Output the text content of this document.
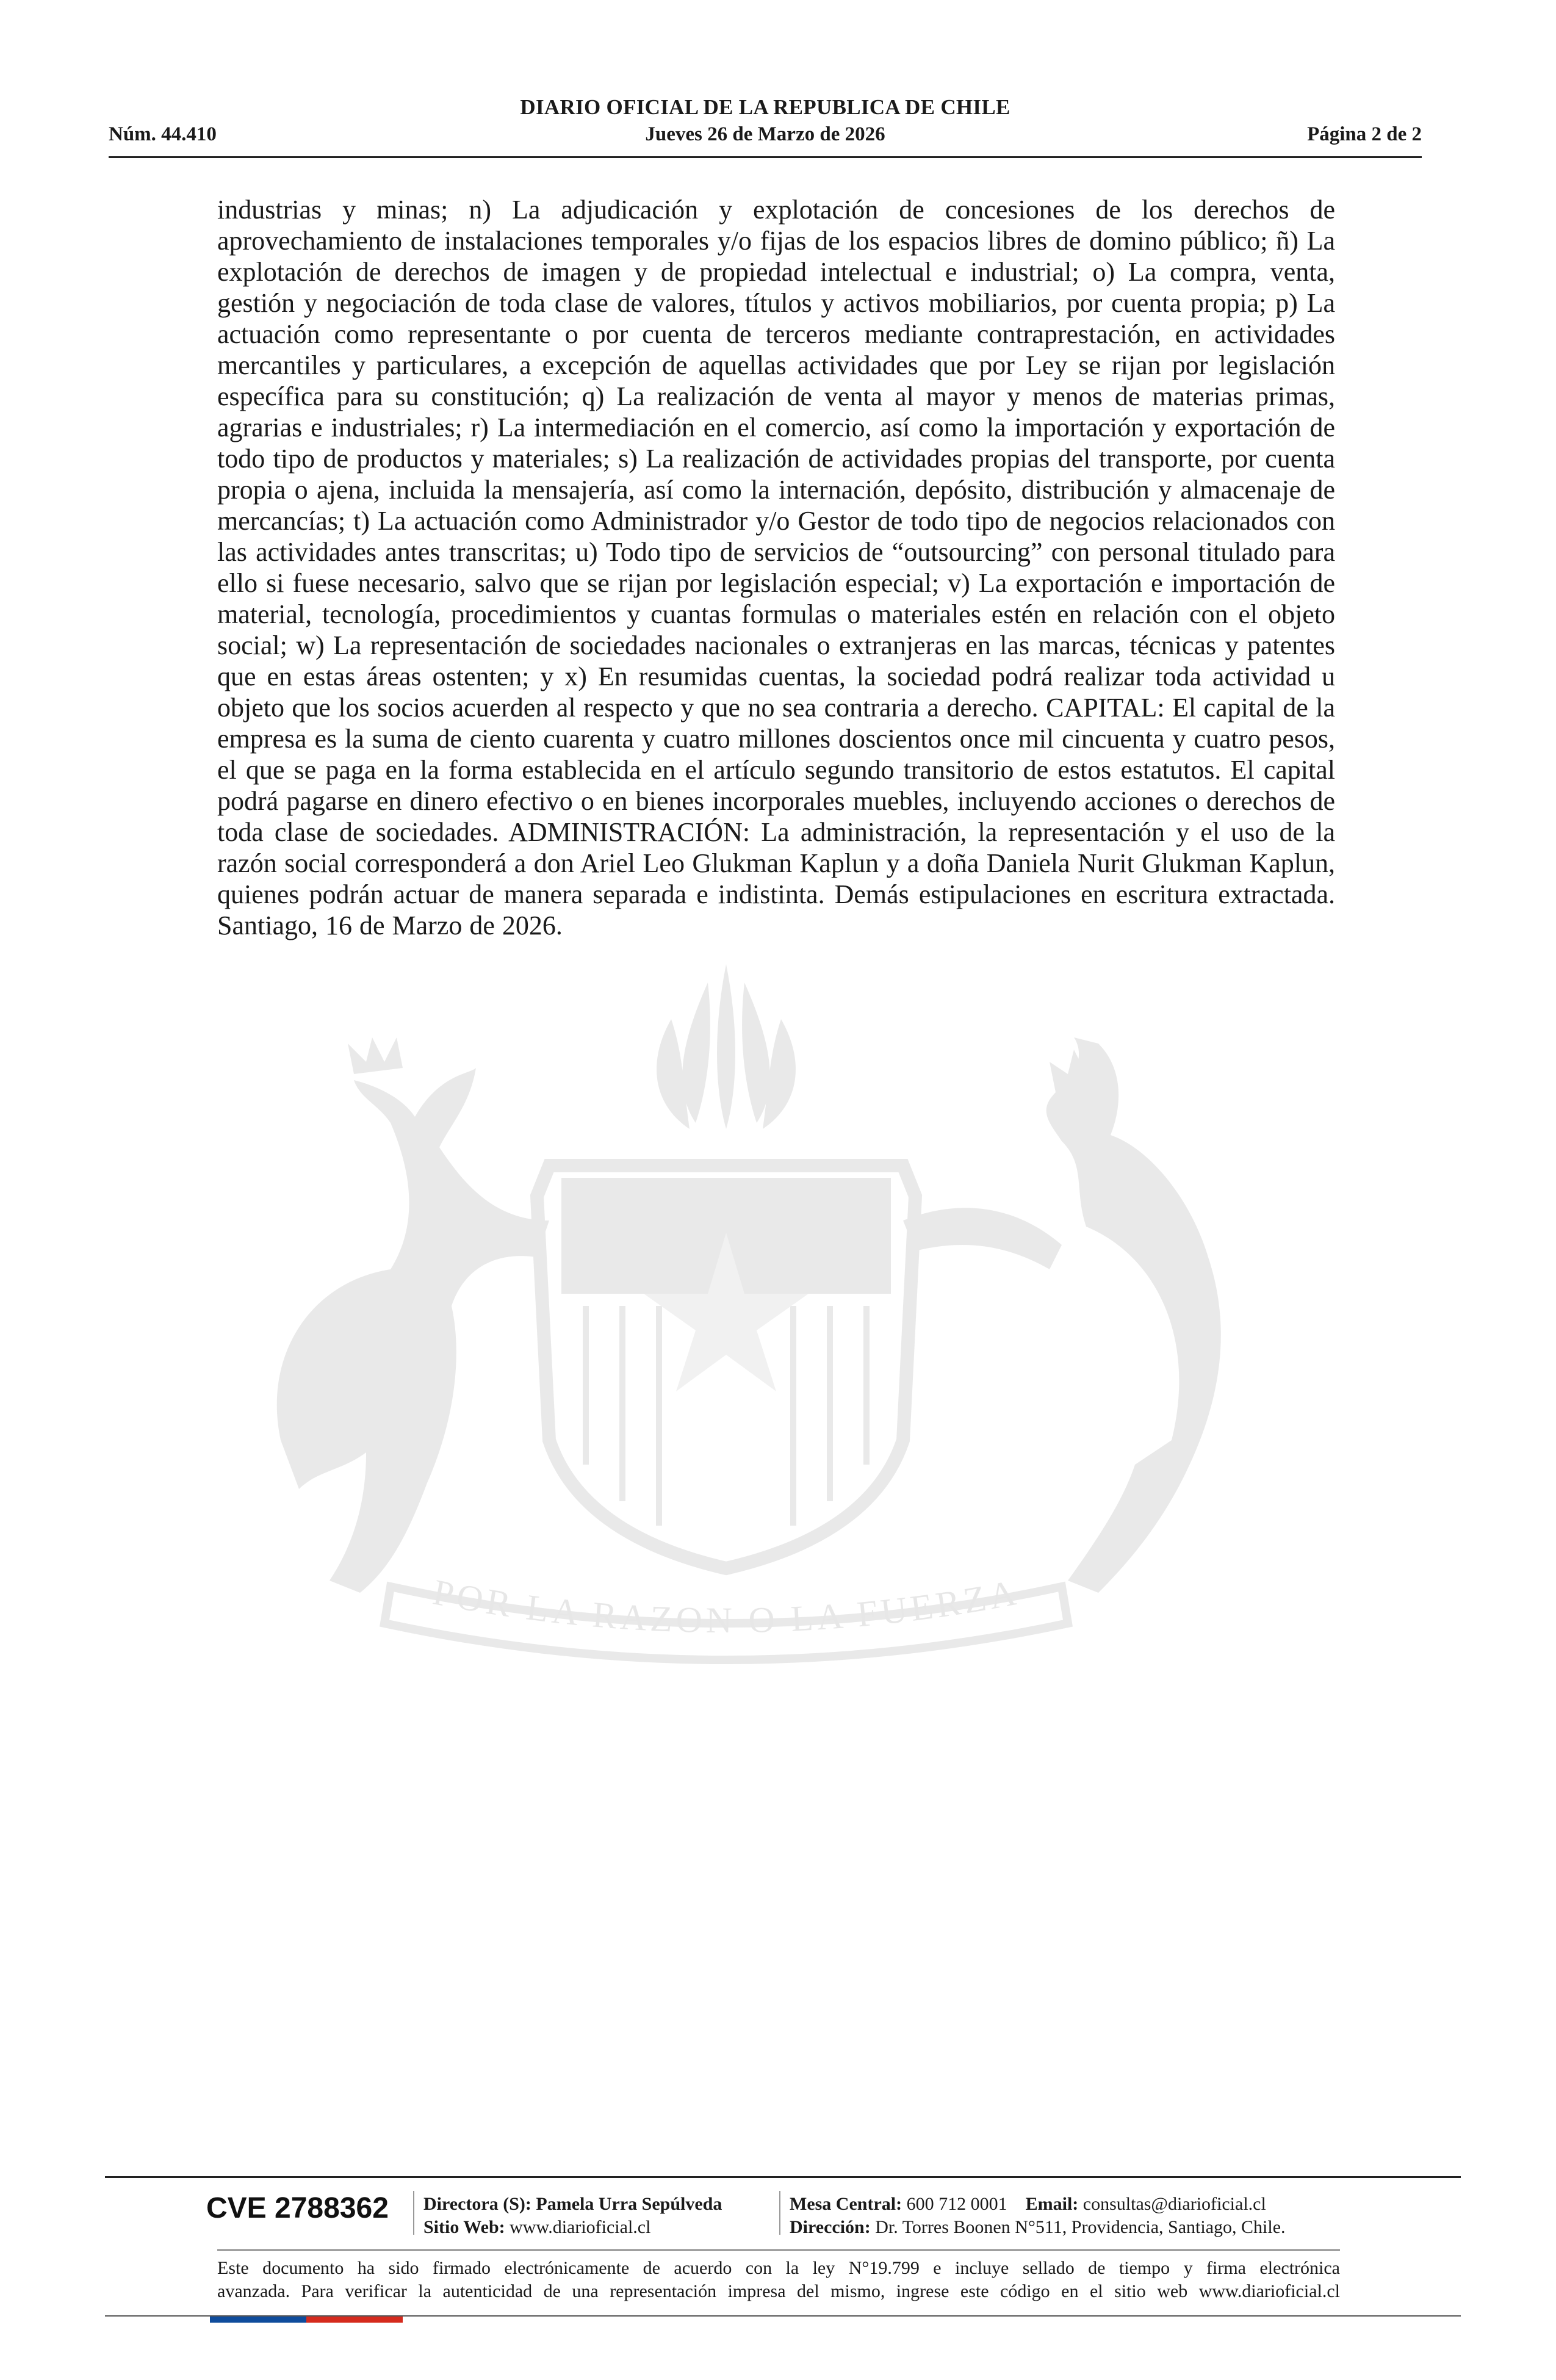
DIARIO OFICIAL DE LA REPUBLICA DE CHILE
Núm. 44.410	Jueves 26 de Marzo de 2026	Página 2 de 2
POR LA RAZON O LA FUERZA
industrias y minas; n) La adjudicación y explotación de concesiones de los derechos de aprovechamiento de instalaciones temporales y/o fijas de los espacios libres de domino público; ñ) La explotación de derechos de imagen y de propiedad intelectual e industrial; o) La compra, venta, gestión y negociación de toda clase de valores, títulos y activos mobiliarios, por cuenta propia; p) La actuación como representante o por cuenta de terceros mediante contraprestación, en actividades mercantiles y particulares, a excepción de aquellas actividades que por Ley se rijan por legislación específica para su constitución; q) La realización de venta al mayor y menos de materias primas, agrarias e industriales; r) La intermediación en el comercio, así como la importación y exportación de todo tipo de productos y materiales; s) La realización de actividades propias del transporte, por cuenta propia o ajena, incluida la mensajería, así como la internación, depósito, distribución y almacenaje de mercancías; t) La actuación como Administrador y/o Gestor de todo tipo de negocios relacionados con las actividades antes transcritas; u) Todo tipo de servicios de “outsourcing” con personal titulado para ello si fuese necesario, salvo que se rijan por legislación especial; v) La exportación e importación de material, tecnología, procedimientos y cuantas formulas o materiales estén en relación con el objeto social; w) La representación de sociedades nacionales o extranjeras en las marcas, técnicas y patentes que en estas áreas ostenten; y x) En resumidas cuentas, la sociedad podrá realizar toda actividad u objeto que los socios acuerden al respecto y que no sea contraria a derecho. CAPITAL: El capital de la empresa es la suma de ciento cuarenta y cuatro millones doscientos once mil cincuenta y cuatro pesos, el que se paga en la forma establecida en el artículo segundo transitorio de estos estatutos. El capital podrá pagarse en dinero efectivo o en bienes incorporales muebles, incluyendo acciones o derechos de toda clase de sociedades. ADMINISTRACIÓN: La administración, la representación y el uso de la razón social corresponderá a don Ariel Leo Glukman Kaplun y a doña Daniela Nurit Glukman Kaplun, quienes podrán actuar de manera separada e indistinta. Demás estipulaciones en escritura extractada. Santiago, 16 de Marzo de 2026.
CVE 2788362 Directora (S): Pamela Urra Sepúlveda
Sitio Web: www.diarioficial.cl
Mesa Central: 600 712 0001 Email: consultas@diarioficial.cl
Dirección: Dr. Torres Boonen N°511, Providencia, Santiago, Chile.
Este documento ha sido firmado electrónicamente de acuerdo con la ley N°19.799 e incluye sellado de tiempo y firma electrónica
avanzada. Para verificar la autenticidad de una representación impresa del mismo, ingrese este código en el sitio web www.diarioficial.cl
